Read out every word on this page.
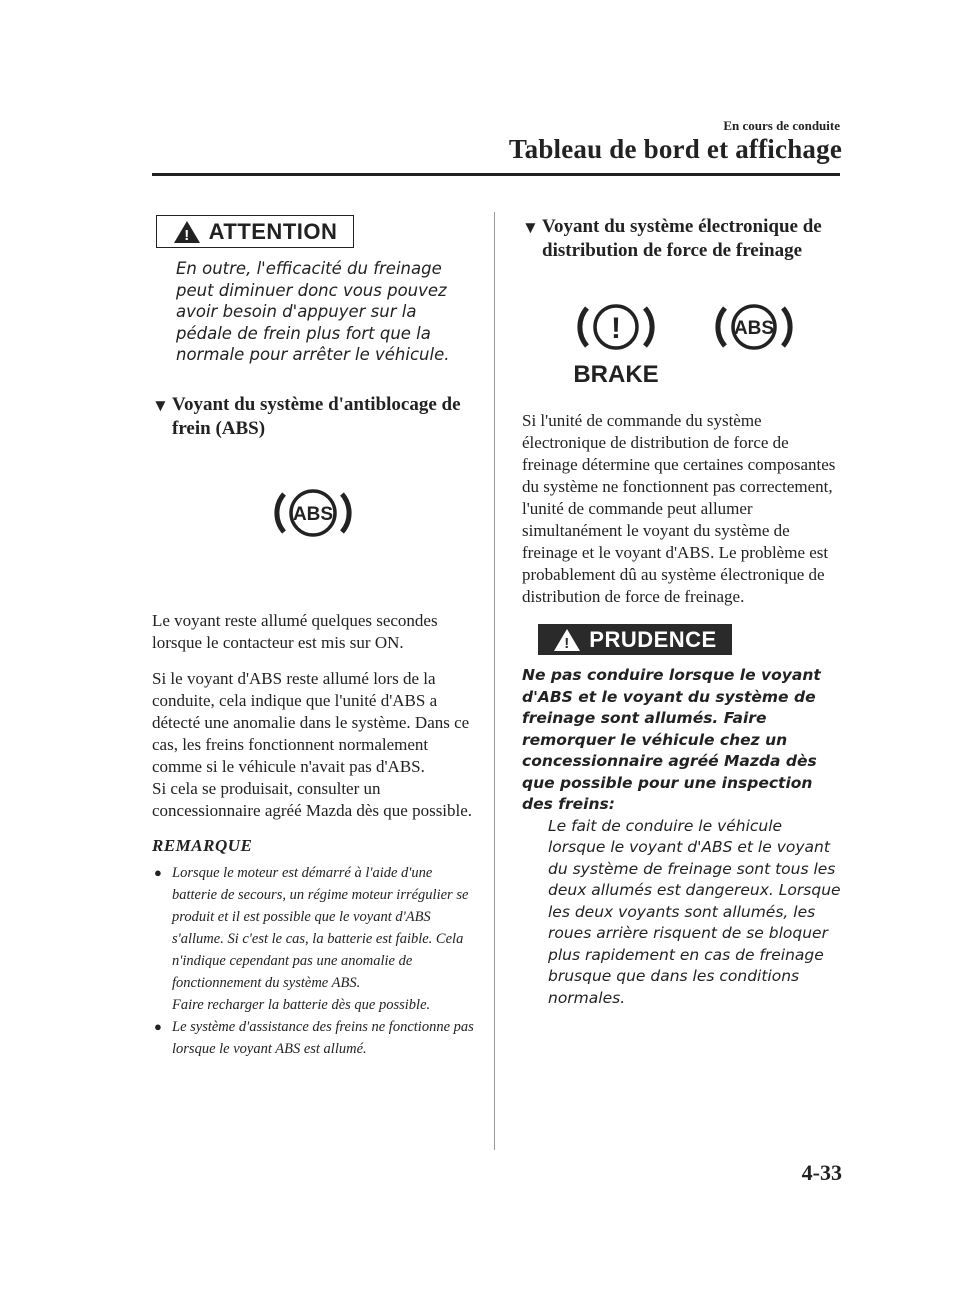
En cours de conduite
Tableau de bord et affichage
! ATTENTION
En outre, l'efficacité du freinage peut diminuer donc vous pouvez avoir besoin d'appuyer sur la pédale de frein plus fort que la normale pour arrêter le véhicule.
▼ Voyant du système d'antiblocage de frein (ABS)
ABS
Le voyant reste allumé quelques secondes lorsque le contacteur est mis sur ON.
Si le voyant d'ABS reste allumé lors de la conduite, cela indique que l'unité d'ABS a détecté une anomalie dans le système. Dans ce cas, les freins fonctionnent normalement comme si le véhicule n'avait pas d'ABS.
Si cela se produisait, consulter un concessionnaire agréé Mazda dès que possible.
REMARQUE
● Lorsque le moteur est démarré à l'aide d'une batterie de secours, un régime moteur irrégulier se produit et il est possible que le voyant d'ABS s'allume. Si c'est le cas, la batterie est faible. Cela n'indique cependant pas une anomalie de fonctionnement du système ABS.
Faire recharger la batterie dès que possible.
● Le système d'assistance des freins ne fonctionne pas lorsque le voyant ABS est allumé.
▼ Voyant du système électronique de distribution de force de freinage
!
BRAKE
ABS
Si l'unité de commande du système électronique de distribution de force de freinage détermine que certaines composantes du système ne fonctionnent pas correctement, l'unité de commande peut allumer simultanément le voyant du système de freinage et le voyant d'ABS. Le problème est probablement dû au système électronique de distribution de force de freinage.
! PRUDENCE
Ne pas conduire lorsque le voyant d'ABS et le voyant du système de freinage sont allumés. Faire remorquer le véhicule chez un concessionnaire agréé Mazda dès que possible pour une inspection des freins:
Le fait de conduire le véhicule lorsque le voyant d'ABS et le voyant du système de freinage sont tous les deux allumés est dangereux. Lorsque les deux voyants sont allumés, les roues arrière risquent de se bloquer plus rapidement en cas de freinage brusque que dans les conditions normales.
4-33
